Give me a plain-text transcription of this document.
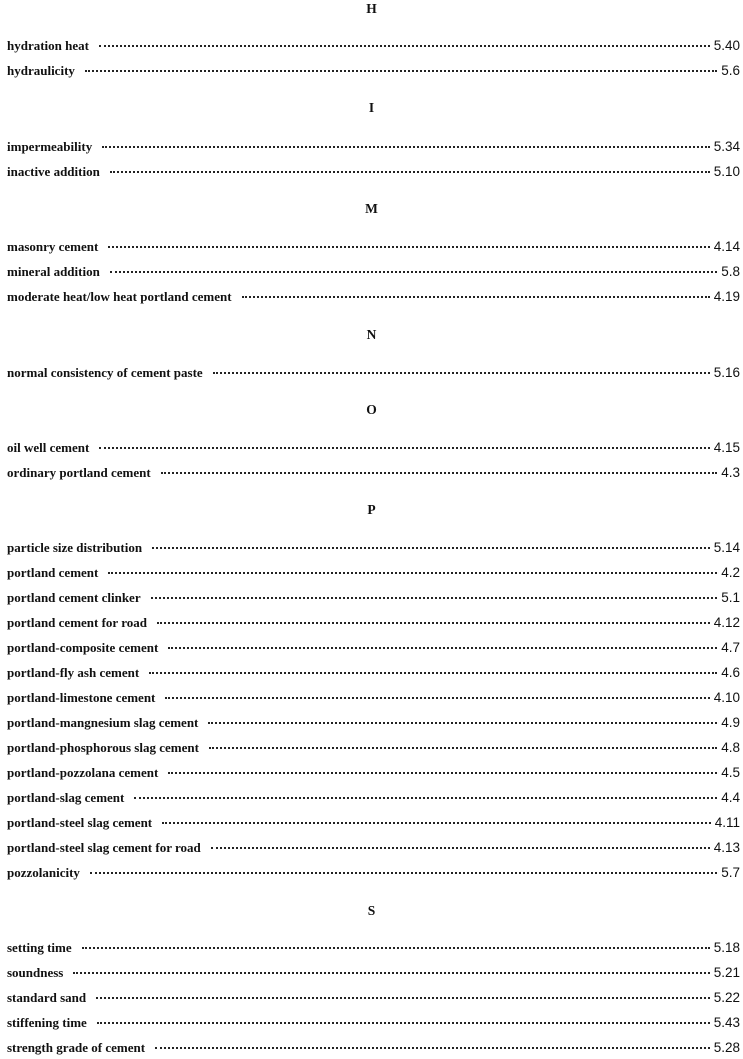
H
hydration heat	5.40
hydraulicity	5.6
I
impermeability	5.34
inactive addition	5.10
M
masonry cement	4.14
mineral addition	5.8
moderate heat/low heat portland cement	4.19
N
normal consistency of cement paste	5.16
O
oil well cement	4.15
ordinary portland cement	4.3
P
particle size distribution	5.14
portland cement	4.2
portland cement clinker	5.1
portland cement for road	4.12
portland-composite cement	4.7
portland-fly ash cement	4.6
portland-limestone cement	4.10
portland-mangnesium slag cement	4.9
portland-phosphorous slag cement	4.8
portland-pozzolana cement	4.5
portland-slag cement	4.4
portland-steel slag cement	4.11
portland-steel slag cement for road	4.13
pozzolanicity	5.7
S
setting time	5.18
soundness	5.21
standard sand	5.22
stiffening time	5.43
strength grade of cement	5.28
